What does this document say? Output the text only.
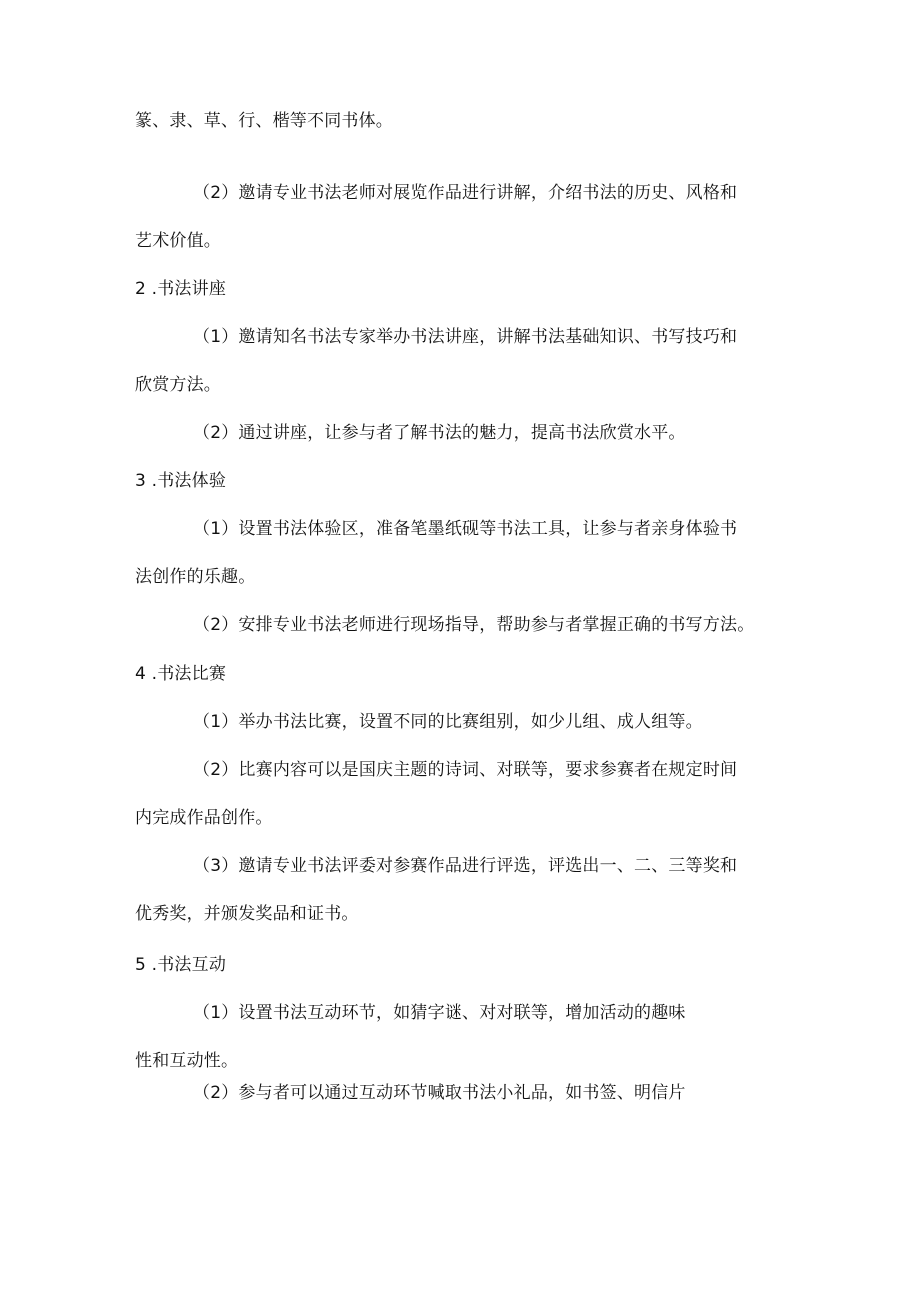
篆、隶、草、行、楷等不同书体。

（2）邀请专业书法老师对展览作品进行讲解，介绍书法的历史、风格和

艺术价值。

2 .书法讲座

（1）邀请知名书法专家举办书法讲座，讲解书法基础知识、书写技巧和

欣赏方法。

（2）通过讲座，让参与者了解书法的魅力，提高书法欣赏水平。

3 .书法体验

（1）设置书法体验区，准备笔墨纸砚等书法工具，让参与者亲身体验书

法创作的乐趣。

（2）安排专业书法老师进行现场指导，帮助参与者掌握正确的书写方法。

4 .书法比赛

（1）举办书法比赛，设置不同的比赛组别，如少儿组、成人组等。

（2）比赛内容可以是国庆主题的诗词、对联等，要求参赛者在规定时间

内完成作品创作。

（3）邀请专业书法评委对参赛作品进行评选，评选出一、二、三等奖和

优秀奖，并颁发奖品和证书。

5 .书法互动

（1）设置书法互动环节，如猜字谜、对对联等，增加活动的趣味

性和互动性。

（2）参与者可以通过互动环节喊取书法小礼品，如书签、明信片
